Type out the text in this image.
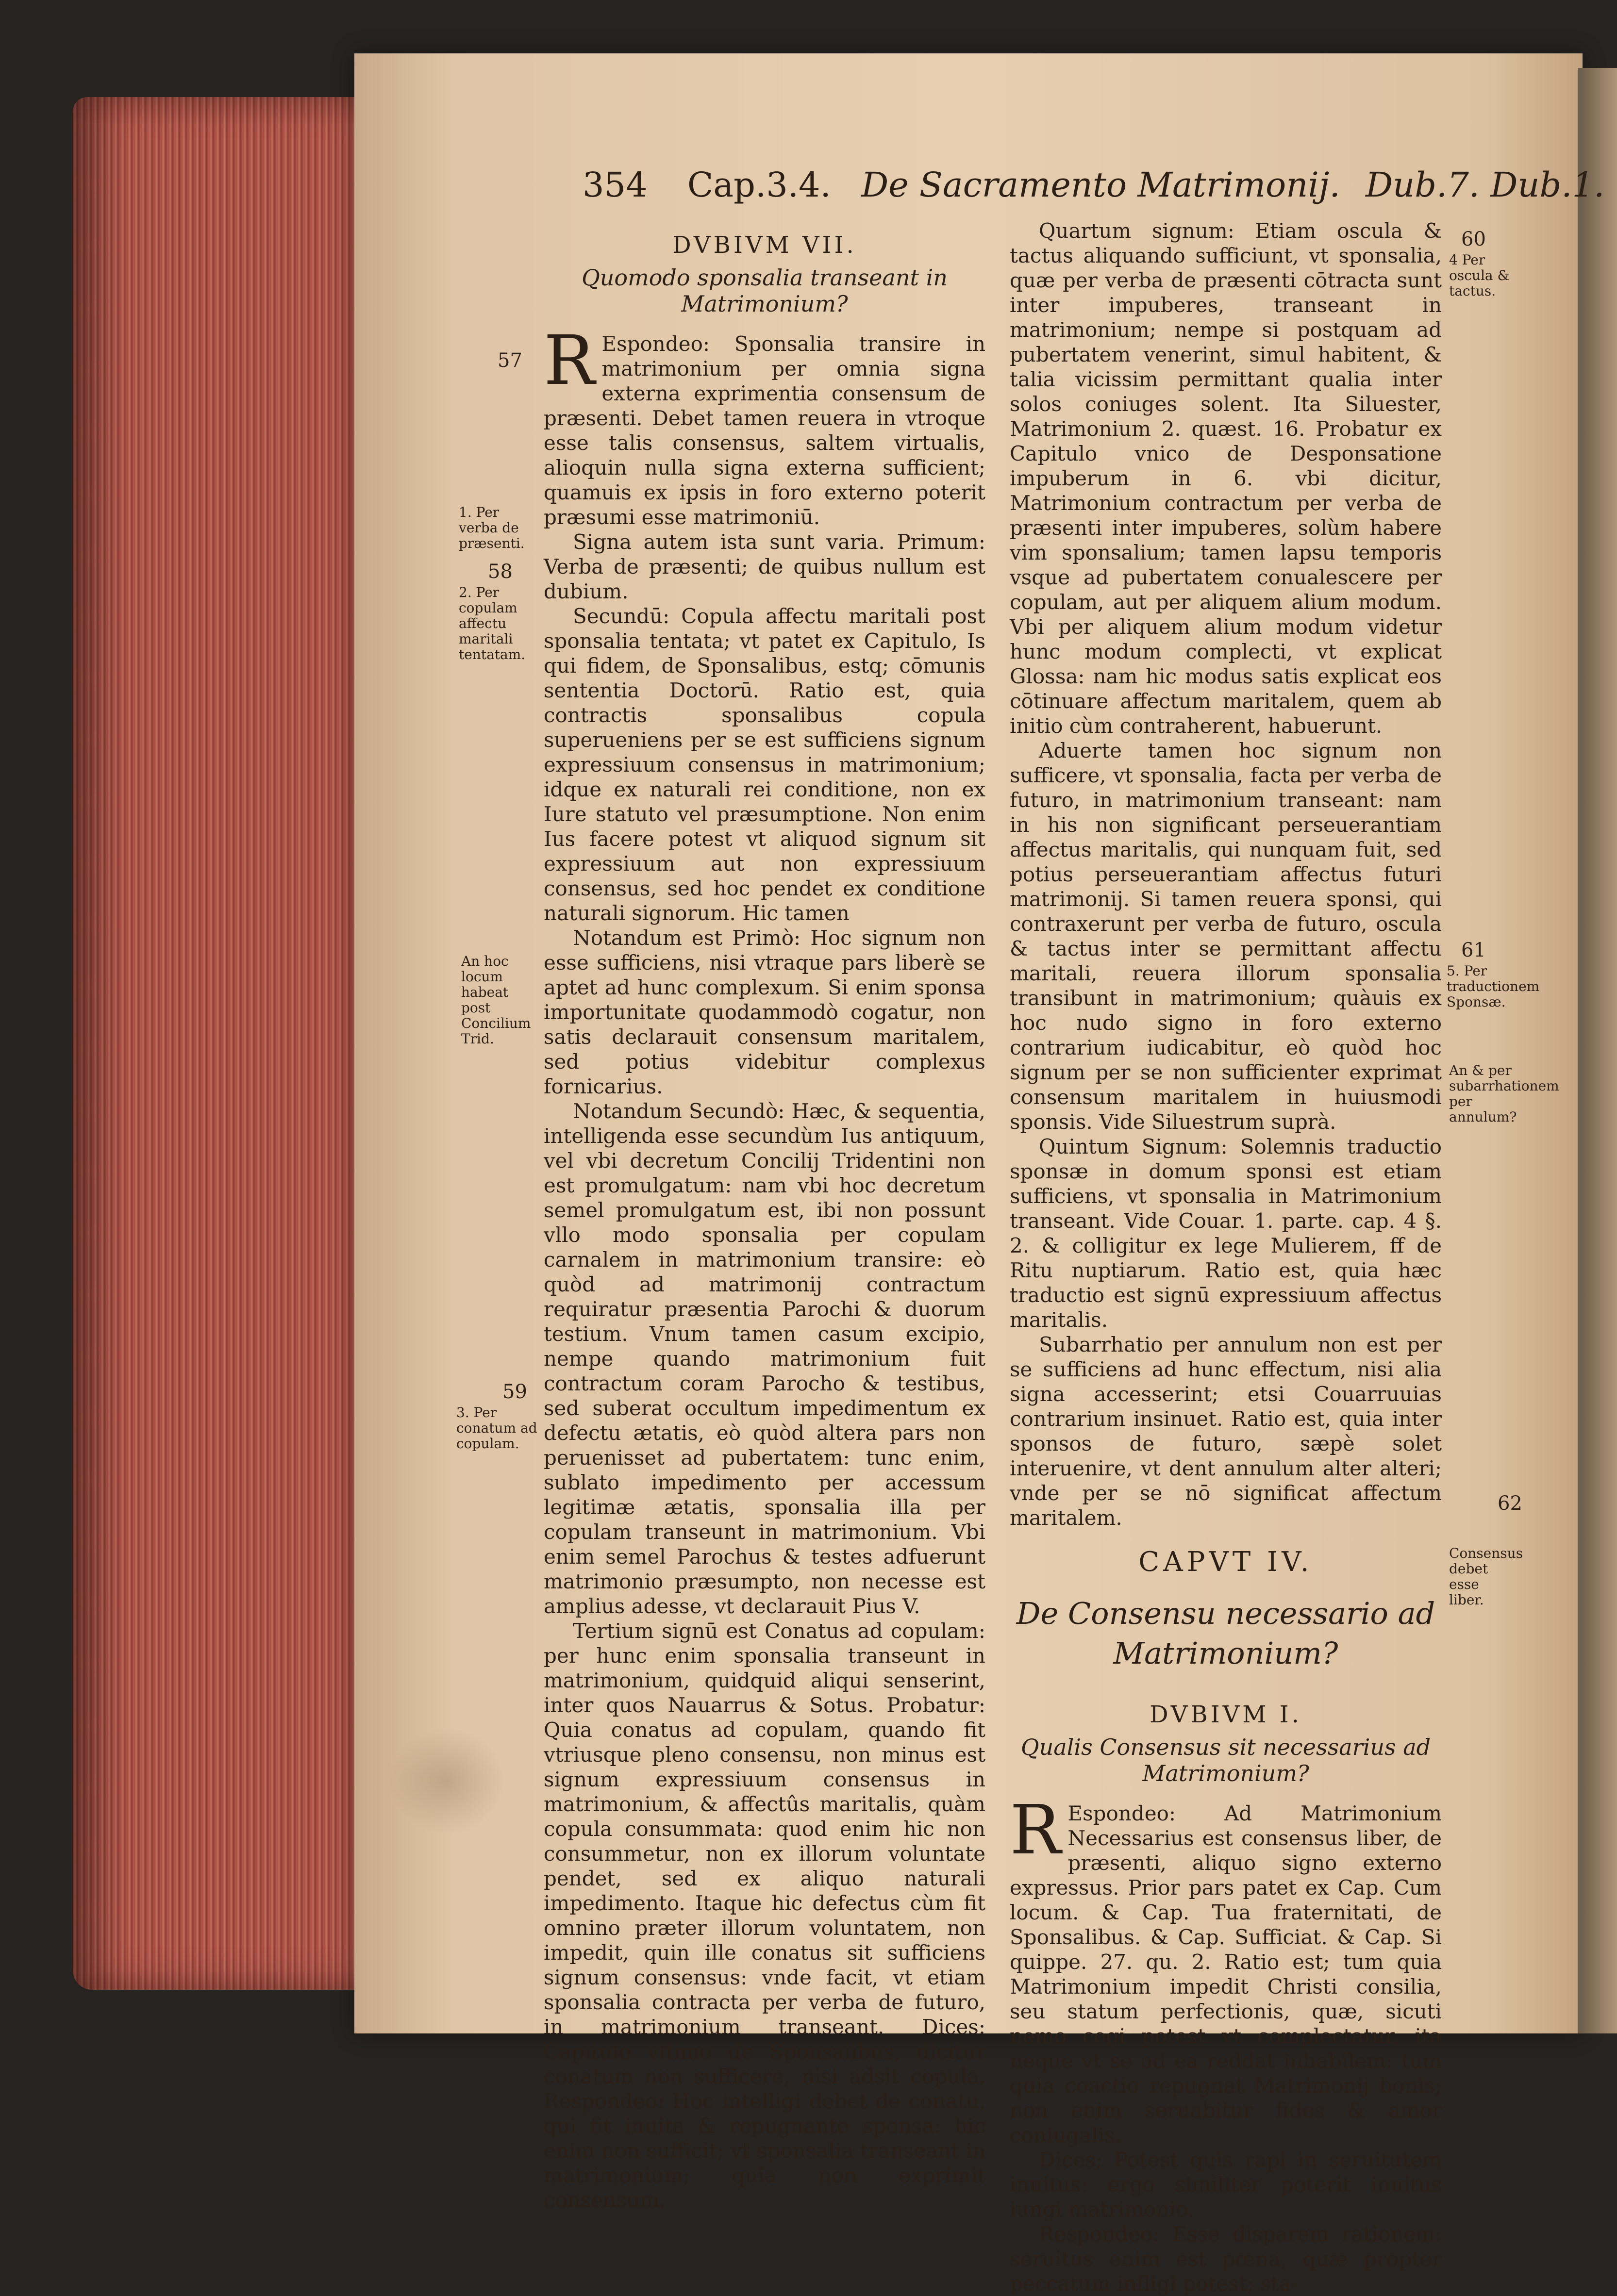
354 Cap.3.4. De Sacramento Matrimonij. Dub.7. Dub.1.
DVBIVM VII.
Quomodo sponsalia transeant in Matrimonium?

R Espondeo: Sponsalia transire in matrimonium per omnia signa externa exprimentia consensum de præsenti. Debet tamen reuera in vtroque esse talis consensus, saltem virtualis, alioquin nulla signa externa sufficient; quamuis ex ipsis in foro externo poterit præsumi esse matrimoniū.

Signa autem ista sunt varia. Primum: Verba de præsenti; de quibus nullum est dubium.

Secundū: Copula affectu maritali post sponsalia tentata; vt patet ex Capitulo, Is qui fidem, de Sponsalibus, estq; cōmunis sententia Doctorū. Ratio est, quia contractis sponsalibus copula superueniens per se est sufficiens signum expressiuum consensus in matrimonium; idque ex naturali rei conditione, non ex Iure statuto vel præsumptione. Non enim Ius facere potest vt aliquod signum sit expressiuum aut non expressiuum consensus, sed hoc pendet ex conditione naturali signorum. Hic tamen

Notandum est Primò: Hoc signum non esse sufficiens, nisi vtraque pars liberè se aptet ad hunc complexum. Si enim sponsa importunitate quodammodò cogatur, non satis declarauit consensum maritalem, sed potius videbitur complexus fornicarius.

Notandum Secundò: Hæc, & sequentia, intelligenda esse secundùm Ius antiquum, vel vbi decretum Concilij Tridentini non est promulgatum: nam vbi hoc decretum semel promulgatum est, ibi non possunt vllo modo sponsalia per copulam carnalem in matrimonium transire: eò quòd ad matrimonij contractum requiratur præsentia Parochi & duorum testium. Vnum tamen casum excipio, nempe quando matrimonium fuit contractum coram Parocho & testibus, sed suberat occultum impedimentum ex defectu ætatis, eò quòd altera pars non peruenisset ad pubertatem: tunc enim, sublato impedimento per accessum legitimæ ætatis, sponsalia illa per copulam transeunt in matrimonium. Vbi enim semel Parochus & testes adfuerunt matrimonio præsumpto, non necesse est amplius adesse, vt declarauit Pius V.

Tertium signū est Conatus ad copulam: per hunc enim sponsalia transeunt in matrimonium, quidquid aliqui senserint, inter quos Nauarrus & Sotus. Probatur: Quia conatus ad copulam, quando fit vtriusque pleno consensu, non minus est signum expressiuum consensus in matrimonium, & affectûs maritalis, quàm copula consummata: quod enim hic non consummetur, non ex illorum voluntate pendet, sed ex aliquo naturali impedimento. Itaque hic defectus cùm fit omnino præter illorum voluntatem, non impedit, quin ille conatus sit sufficiens signum consensus: vnde facit, vt etiam sponsalia contracta per verba de futuro, in matrimonium transeant. Dices: Capitulo vltimo de Sponsalibus, dicitur conatum non sufficere, nisi adsit copula. Respondeo: Hoc intelligi debet de conatu, qui fit inuita & repugnante sponsa: hic enim non sufficit; vt sponsalia transeant in matrimonium; quia non exprimit consensum.

Quartum signum: Etiam oscula & tactus aliquando sufficiunt, vt sponsalia, quæ per verba de præsenti cōtracta sunt inter impuberes, transeant in matrimonium; nempe si postquam ad pubertatem venerint, simul habitent, & talia vicissim permittant qualia inter solos coniuges solent. Ita Siluester, Matrimonium 2. quæst. 16. Probatur ex Capitulo vnico de Desponsatione impuberum in 6. vbi dicitur, Matrimonium contractum per verba de præsenti inter impuberes, solùm habere vim sponsalium; tamen lapsu temporis vsque ad pubertatem conualescere per copulam, aut per aliquem alium modum. Vbi per aliquem alium modum videtur hunc modum complecti, vt explicat Glossa: nam hic modus satis explicat eos cōtinuare affectum maritalem, quem ab initio cùm contraherent, habuerunt.

Aduerte tamen hoc signum non sufficere, vt sponsalia, facta per verba de futuro, in matrimonium transeant: nam in his non significant perseuerantiam affectus maritalis, qui nunquam fuit, sed potius perseuerantiam affectus futuri matrimonij. Si tamen reuera sponsi, qui contraxerunt per verba de futuro, oscula & tactus inter se permittant affectu maritali, reuera illorum sponsalia transibunt in matrimonium; quàuis ex hoc nudo signo in foro externo contrarium iudicabitur, eò quòd hoc signum per se non sufficienter exprimat consensum maritalem in huiusmodi sponsis. Vide Siluestrum suprà.

Quintum Signum: Solemnis traductio sponsæ in domum sponsi est etiam sufficiens, vt sponsalia in Matrimonium transeant. Vide Couar. 1. parte. cap. 4 §. 2. & colligitur ex lege Mulierem, ff de Ritu nuptiarum. Ratio est, quia hæc traductio est signū expressiuum affectus maritalis.

Subarrhatio per annulum non est per se sufficiens ad hunc effectum, nisi alia signa accesserint; etsi Couarruuias contrarium insinuet. Ratio est, quia inter sponsos de futuro, sæpè solet interuenire, vt dent annulum alter alteri; vnde per se nō significat affectum maritalem.

CAPVT IV.
De Consensu necessario ad Matrimonium?
DVBIVM I.
Qualis Consensus sit necessarius ad Matrimonium?

R Espondeo: Ad Matrimonium Necessarius est consensus liber, de præsenti, aliquo signo externo expressus. Prior pars patet ex Cap. Cum locum. & Cap. Tua fraternitati, de Sponsalibus. & Cap. Sufficiat. & Cap. Si quippe. 27. qu. 2. Ratio est; tum quia Matrimonium impedit Christi consilia, seu statum perfectionis, quæ, sicuti nemo cogi potest vt complectatur, ita neque vt se ad ea reddat inhabilem: tum quia coactio repugnat Matrimonij bonis; non enim seruabitur fides & amor coniugalis.

Dices; Potest quis rapi in seruitutem inuitus: ergo similiter poterit inuitus iungi matrimonio.

Respondeo: Esse disparem rationem: seruitus enim est pœna, quæ propter peccatum infligi potest; sta-

57
1. Per verba de præsenti.
58
2. Per copulam affectu maritali tentatam.
An hoc locum habeat post Concilium Trid.
59
3. Per conatum ad copulam.
60
4 Per oscula & tactus.
61
5. Per traductionem Sponsæ.
An & per subarrhationem per annulum?
62
Consensus debet esse liber.
